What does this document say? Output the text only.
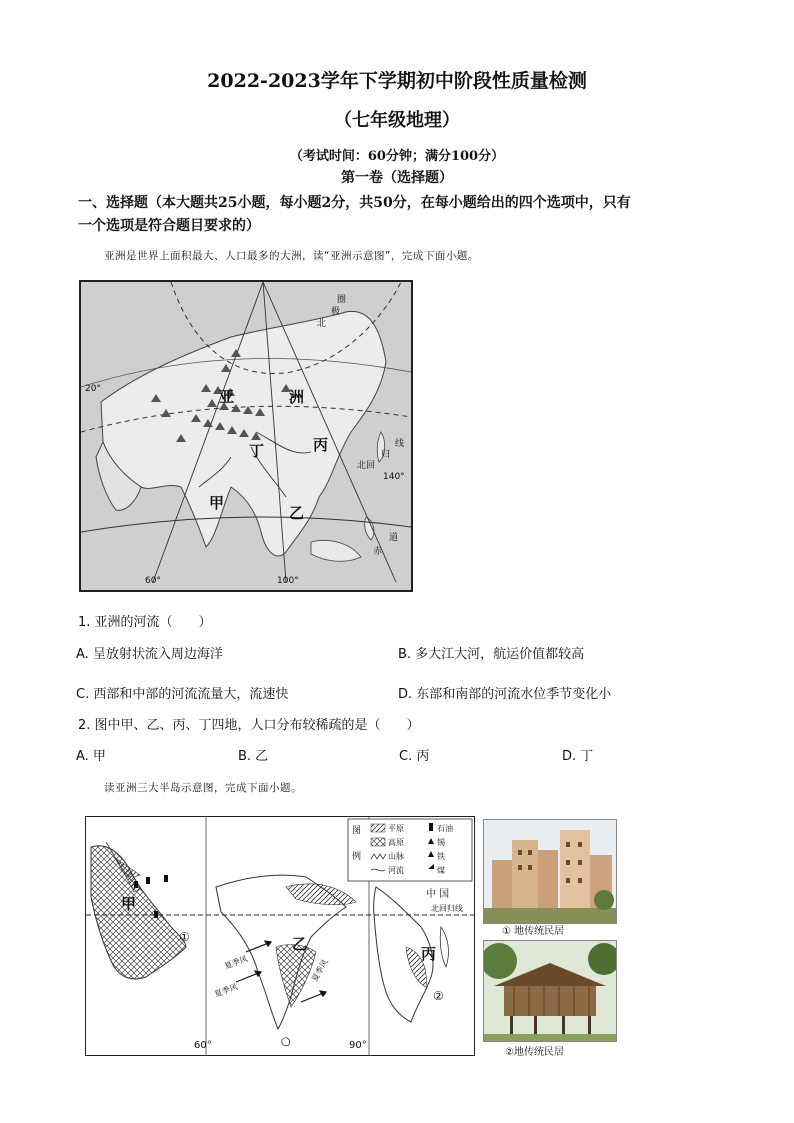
2022-2023学年下学期初中阶段性质量检测
（七年级地理）
（考试时间：60分钟；满分100分）
第一卷（选择题）
一、选择题（本大题共25小题，每小题2分，共50分，在每小题给出的四个选项中，只有
一个选项是符合题目要求的）
亚洲是世界上面积最大、人口最多的大洲，读“亚洲示意图”，完成下面小题。
亚	洲
丁	丙
甲
乙
北
极
圈
北回
归
线
赤
道
60°	100°
20°
140°
1. 亚洲的河流（　　）
A. 呈放射状流入周边海洋	B. 多大江大河，航运价值都较高
C. 西部和中部的河流流量大，流速快	D. 东部和南部的河流水位季节变化小
2. 图中甲、乙、丙、丁四地，人口分布较稀疏的是（　　）
A. 甲	B. 乙	C. 丙	D. 丁
读亚洲三大半岛示意图，完成下面小题。
图
例
平原
高原
山脉
河流
石油
锡
铁
煤
甲
乙
丙
中 国
北回归线
夏季风
夏季风
夏季风
①
②
60°	90°
① 地传统民居
②地传统民居
